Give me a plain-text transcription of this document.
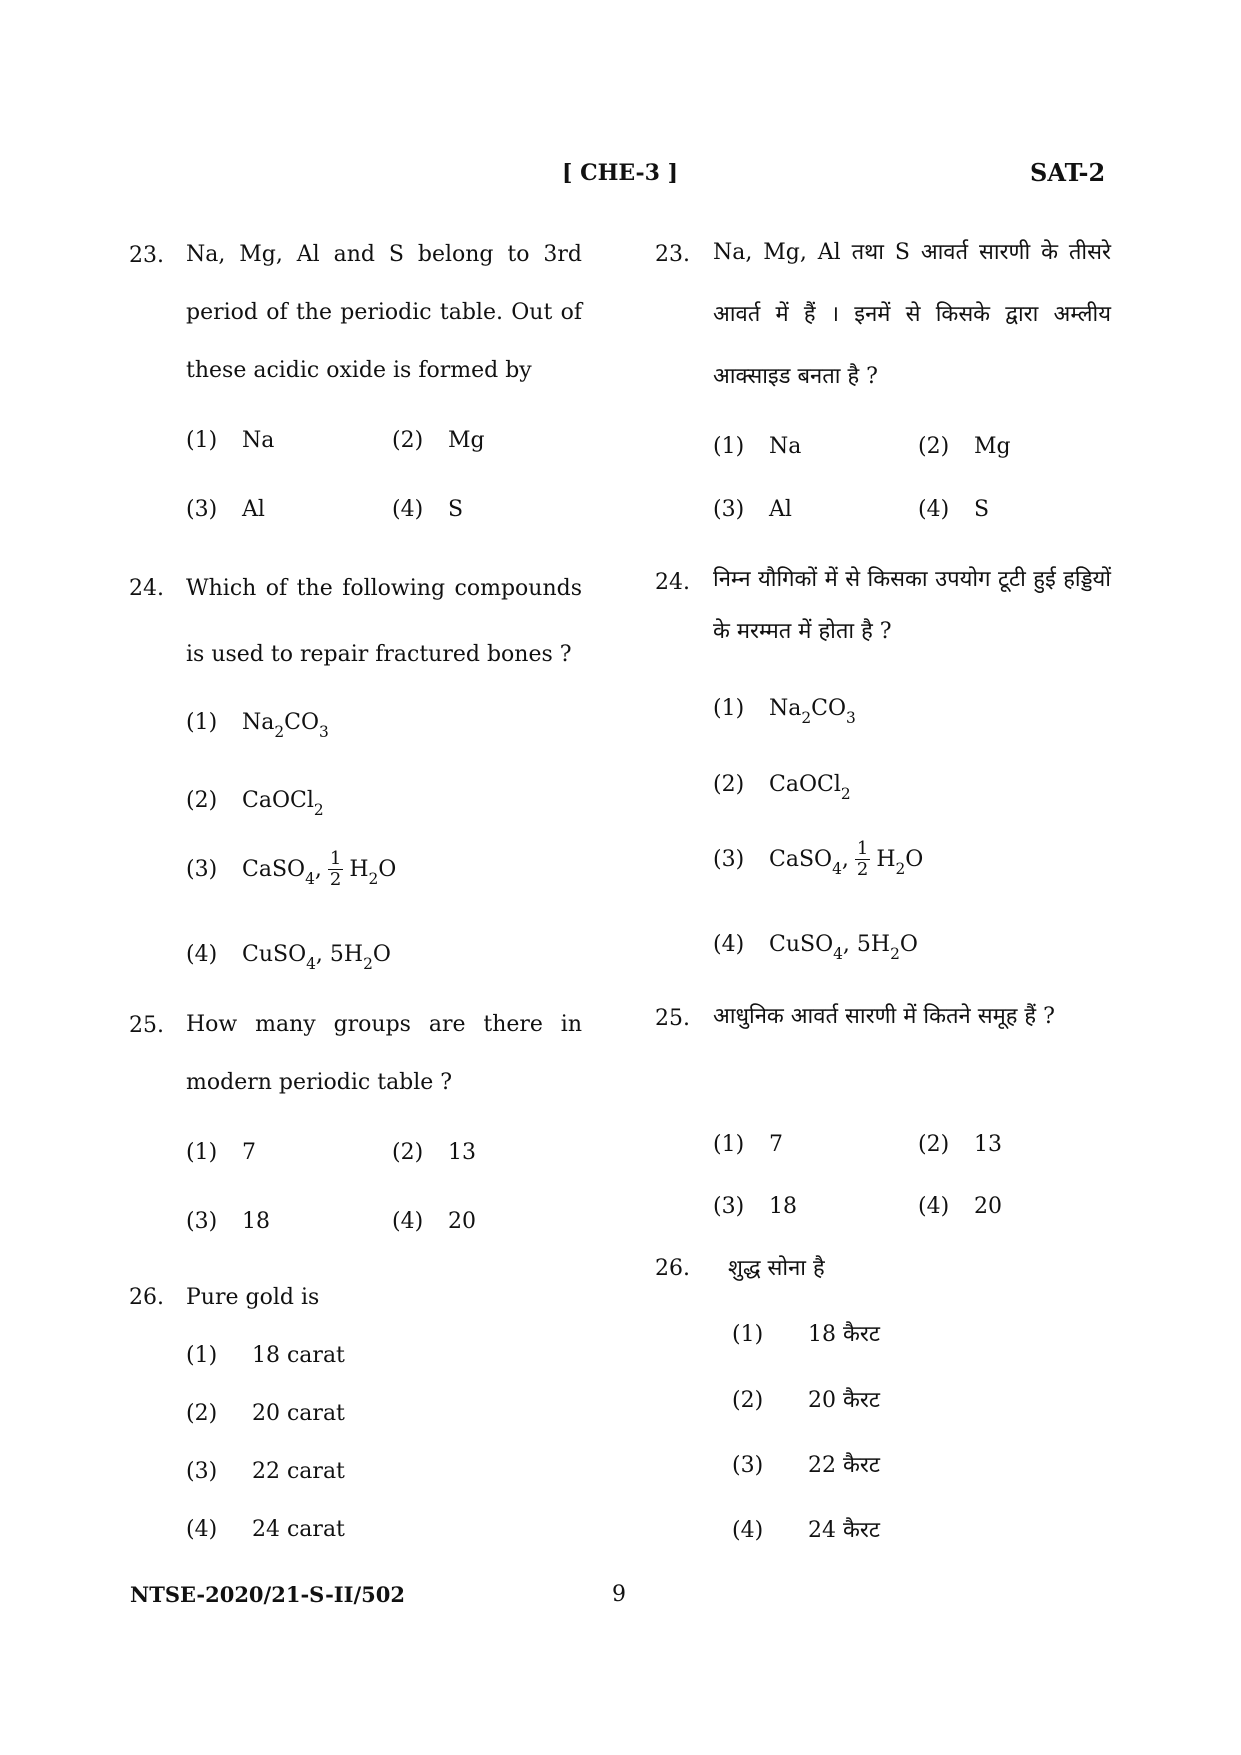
[ CHE-3 ]	SAT-2
23. Na, Mg, Al and S belong to 3rd period of the periodic table. Out of these acidic oxide is formed by
(1) Na	(2) Mg
(3) Al	(4) S
24. Which of the following compounds is used to repair fractured bones ?
(1) $Na_2CO_3$
(2) CaOCl$_2$
(3) CaSO$_4$, $\frac{1}{2} H_2O$
(4) CuSO$_4$, $5H_2O$
25. How many groups are there in modern periodic table ?
(1) 7	(2) 13
(3) 18	(4) 20
26. Pure gold is
(1) 18 carat
(2) 20 carat
(3) 22 carat
(4) 24 carat
23. Na, Mg, Al तथा S आवर्त सारणी के तीसरे आवर्त में हैं । इनमें से किसके द्वारा अम्लीय आक्साइड बनता है ?
(1) Na	(2) Mg
(3) Al	(4) S
24. निम्न यौगिकों में से किसका उपयोग टूटी हुई हड्डियों के मरम्मत में होता है ?
(1) $Na_2CO_3$
(2) CaOCl$_2$
(3) CaSO$_4$, $\frac{1}{2} H_2O$
(4) CuSO$_4$, $5H_2O$
25. आधुनिक आवर्त सारणी में कितने समूह हैं ?
(1) 7	(2) 13
(3) 18	(4) 20
26. शुद्ध सोना है
(1) 18 कैरट
(2) 20 कैरट
(3) 22 कैरट
(4) 24 कैरट
NTSE-2020/21-S-II/502	9
